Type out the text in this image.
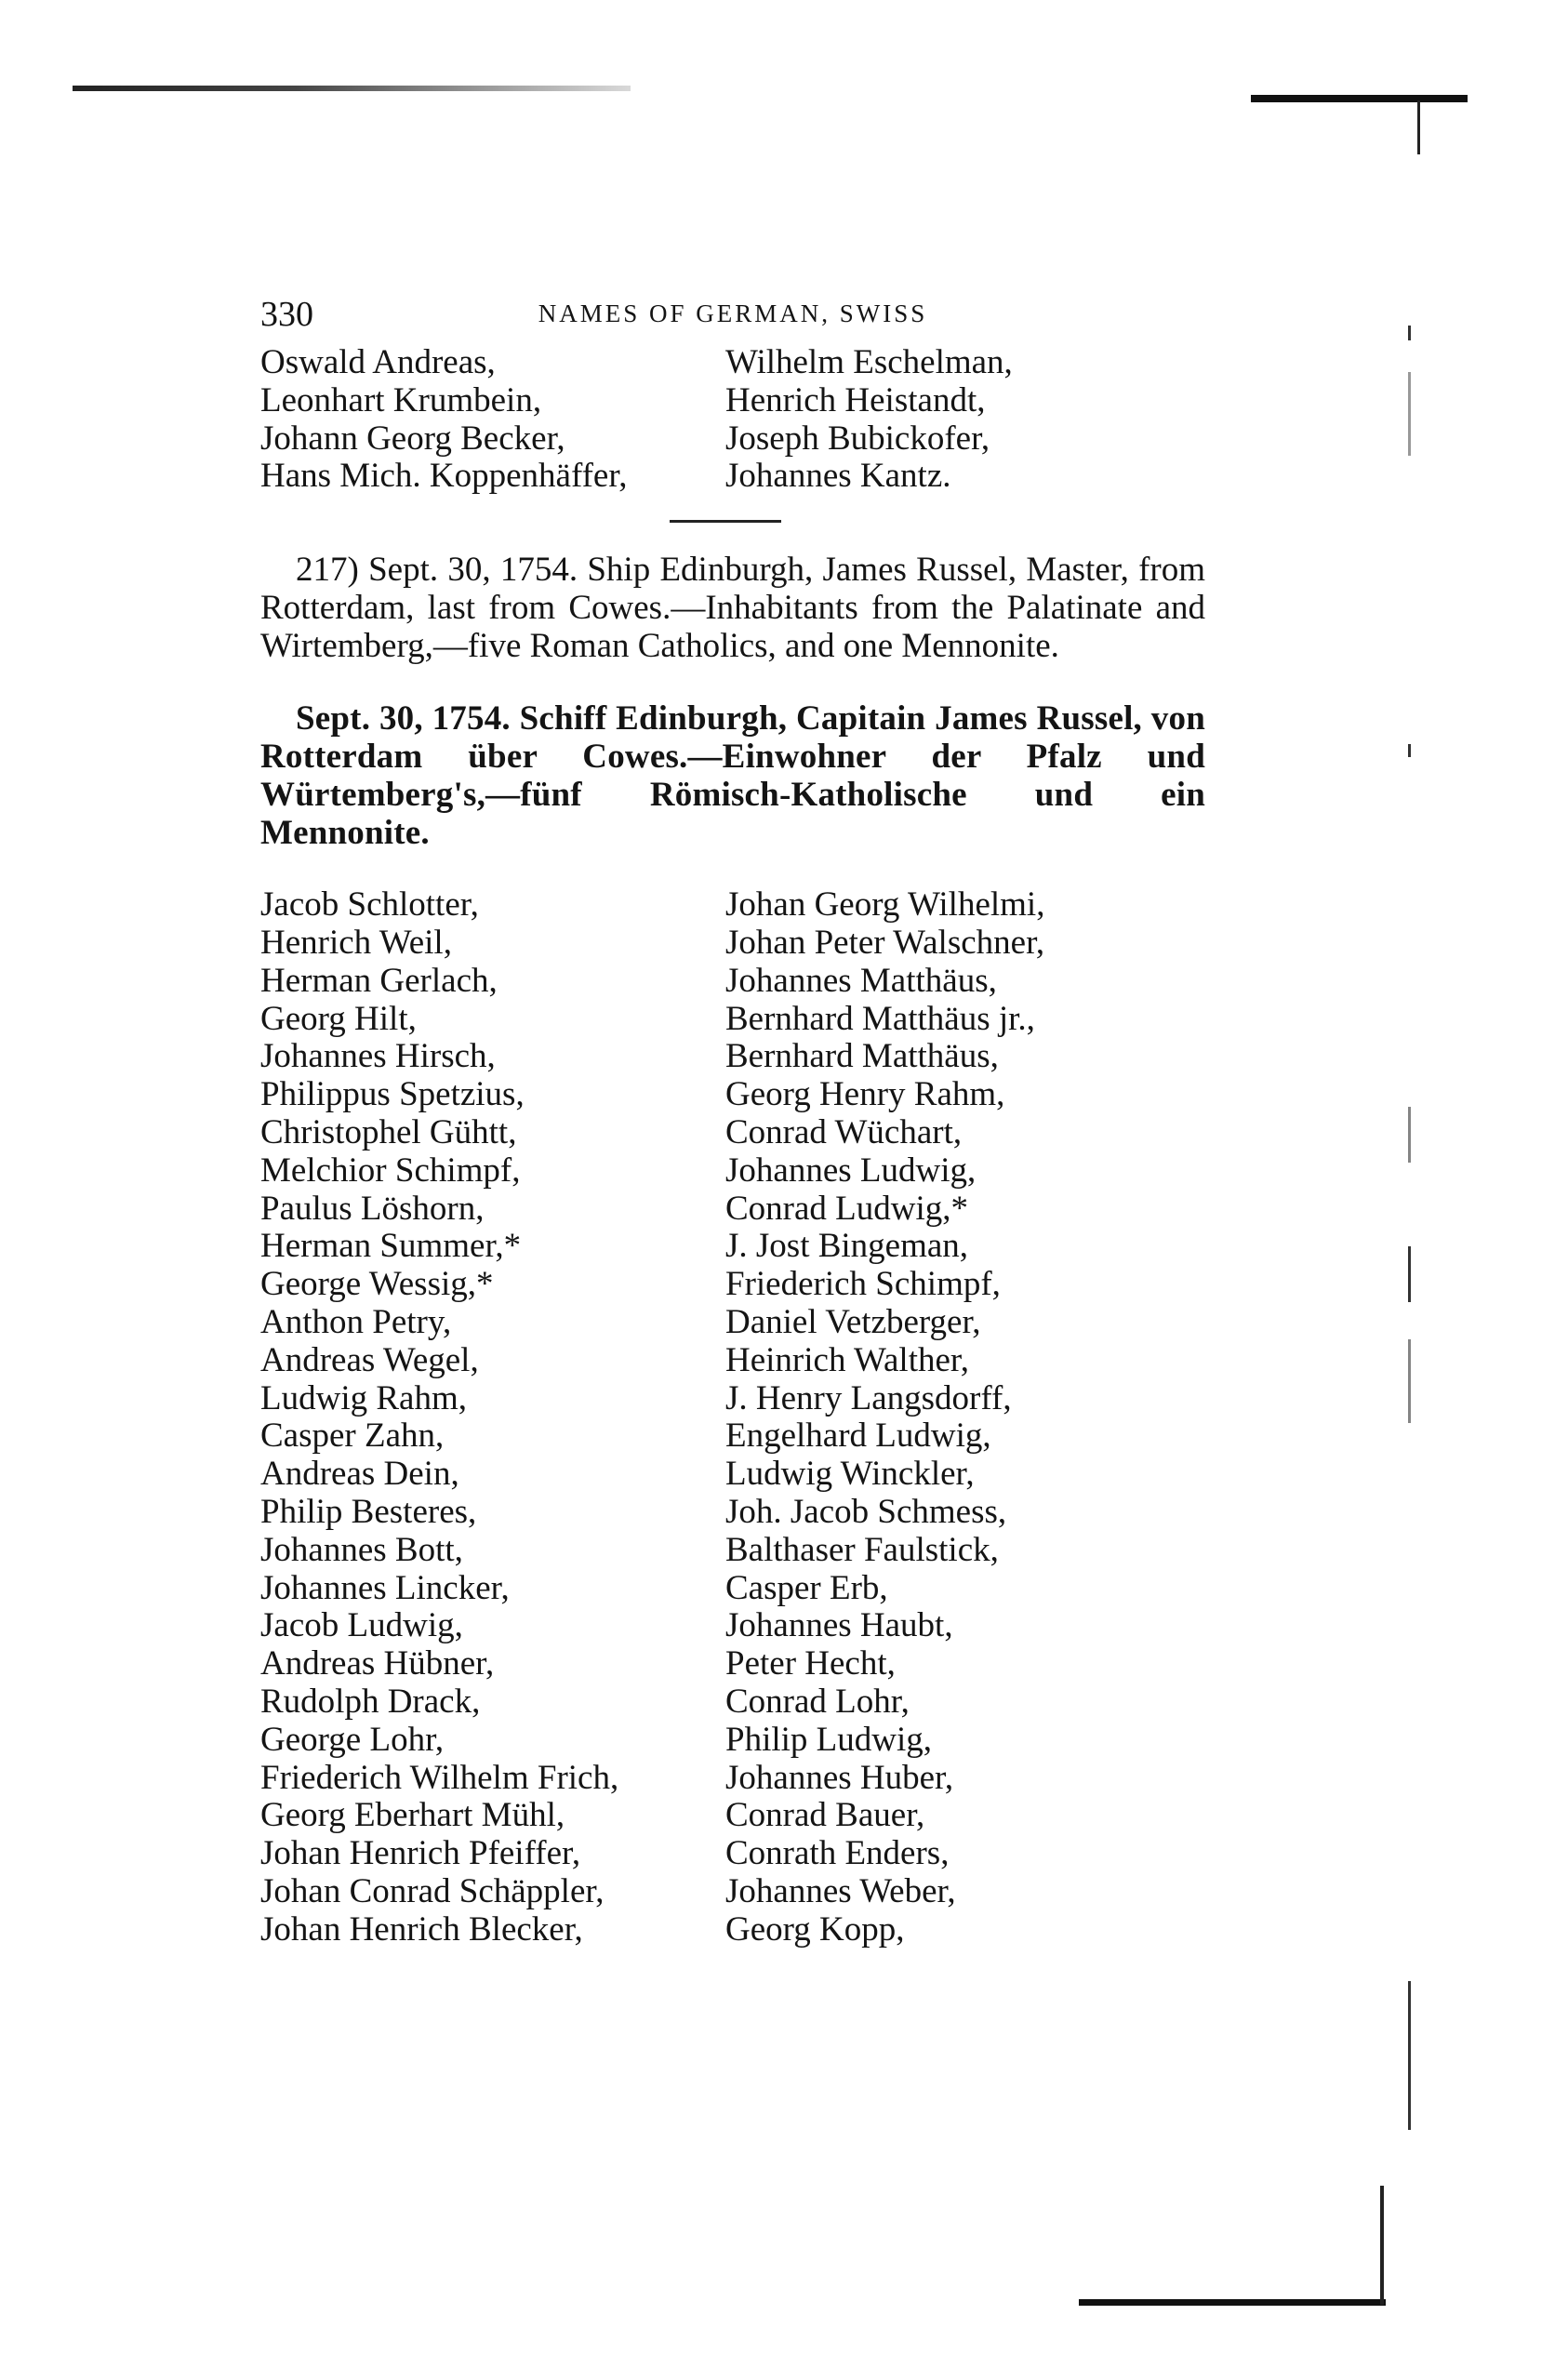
330	NAMES OF GERMAN, SWISS
Oswald Andreas,	Wilhelm Eschelman,
Leonhart Krumbein,	Henrich Heistandt,
Johann Georg Becker,	Joseph Bubickofer,
Hans Mich. Koppenhäffer,	Johannes Kantz.

217) Sept. 30, 1754. Ship Edinburgh, James Russel, Master, from Rotterdam, last from Cowes.—Inhabitants from the Palatinate and Wirtemberg,—five Roman Catholics, and one Mennonite.

Sept. 30, 1754. Schiff Edinburgh, Capitain James Russel, von Rotterdam über Cowes.—Einwohner der Pfalz und Würtemberg's,—fünf Römisch-Katholische und ein Mennonite.

Jacob Schlotter,	Johan Georg Wilhelmi,
Henrich Weil,	Johan Peter Walschner,
Herman Gerlach,	Johannes Matthäus,
Georg Hilt,	Bernhard Matthäus jr.,
Johannes Hirsch,	Bernhard Matthäus,
Philippus Spetzius,	Georg Henry Rahm,
Christophel Gühtt,	Conrad Wüchart,
Melchior Schimpf,	Johannes Ludwig,
Paulus Löshorn,	Conrad Ludwig,*
Herman Summer,*	J. Jost Bingeman,
George Wessig,*	Friederich Schimpf,
Anthon Petry,	Daniel Vetzberger,
Andreas Wegel,	Heinrich Walther,
Ludwig Rahm,	J. Henry Langsdorff,
Casper Zahn,	Engelhard Ludwig,
Andreas Dein,	Ludwig Winckler,
Philip Besteres,	Joh. Jacob Schmess,
Johannes Bott,	Balthaser Faulstick,
Johannes Lincker,	Casper Erb,
Jacob Ludwig,	Johannes Haubt,
Andreas Hübner,	Peter Hecht,
Rudolph Drack,	Conrad Lohr,
George Lohr,	Philip Ludwig,
Friederich Wilhelm Frich,	Johannes Huber,
Georg Eberhart Mühl,	Conrad Bauer,
Johan Henrich Pfeiffer,	Conrath Enders,
Johan Conrad Schäppler,	Johannes Weber,
Johan Henrich Blecker,	Georg Kopp,
